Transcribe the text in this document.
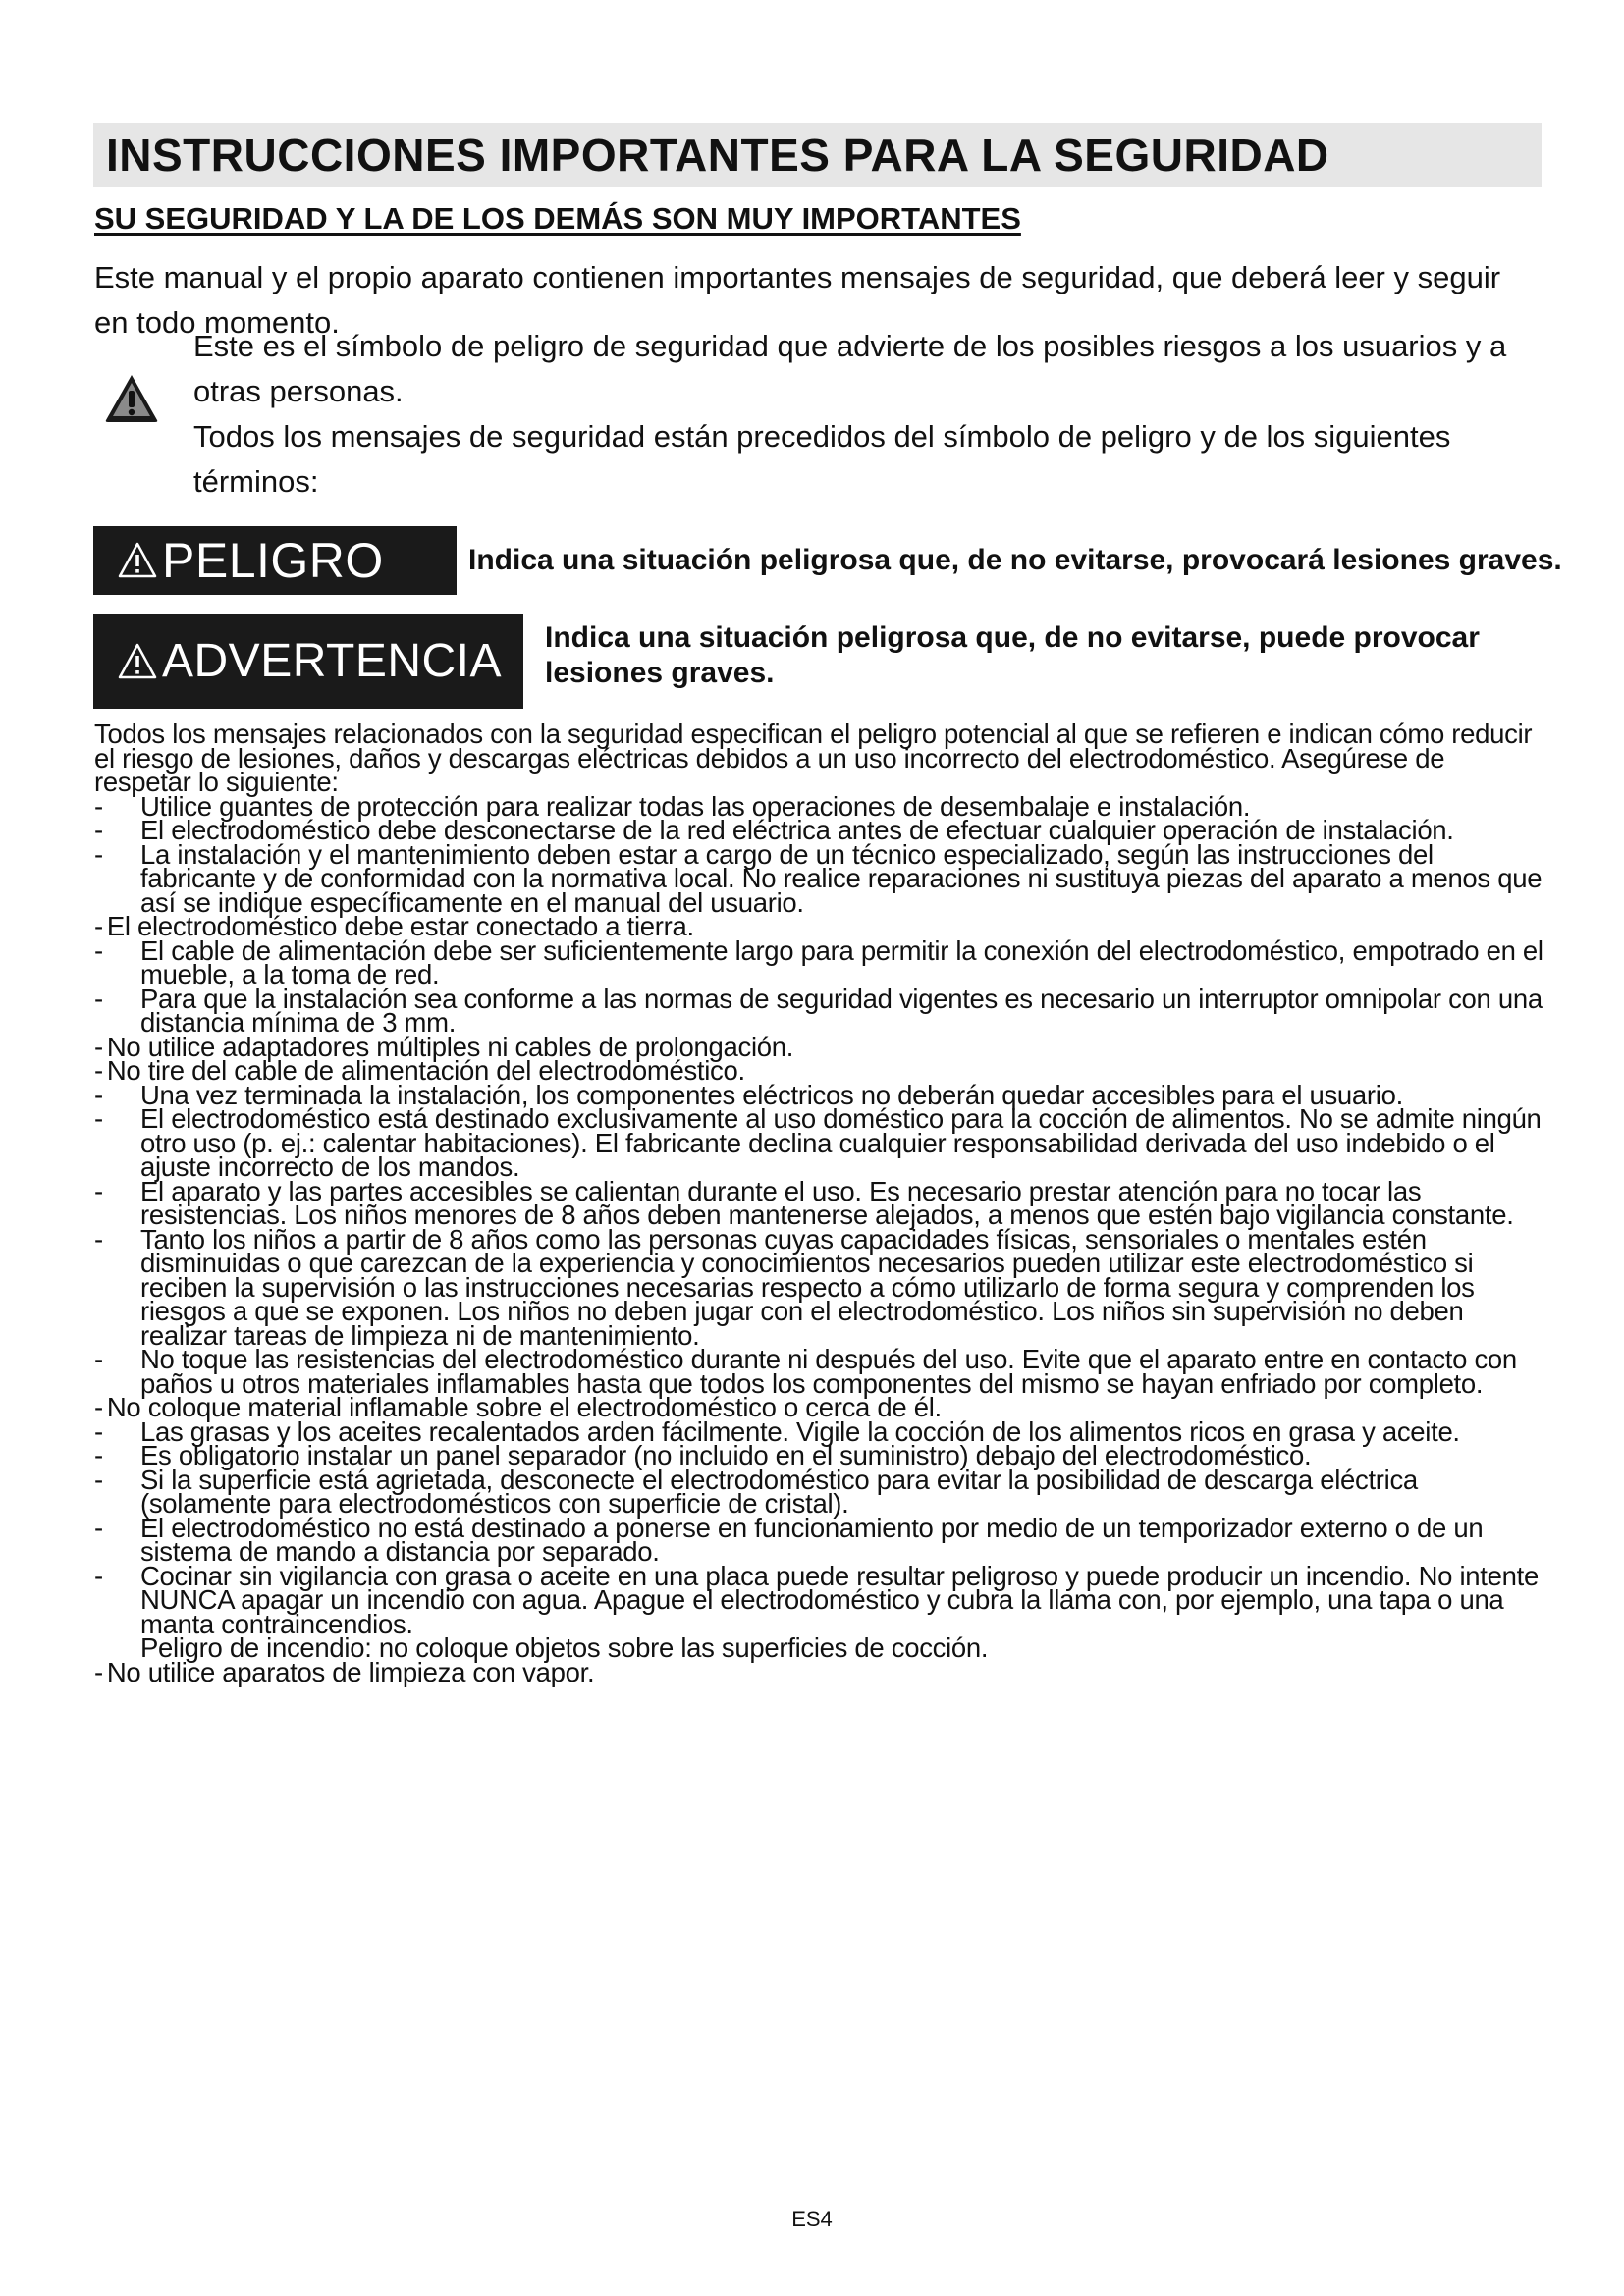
INSTRUCCIONES IMPORTANTES PARA LA SEGURIDAD
SU SEGURIDAD Y LA DE LOS DEMÁS SON MUY IMPORTANTES

Este manual y el propio aparato contienen importantes mensajes de seguridad, que deberá leer y seguir en todo momento.

Este es el símbolo de peligro de seguridad que advierte de los posibles riesgos a los usuarios y a otras personas.

Todos los mensajes de seguridad están precedidos del símbolo de peligro y de los siguientes términos:

PELIGRO	Indica una situación peligrosa que, de no evitarse, provocará lesiones graves.

ADVERTENCIA Indica una situación peligrosa que, de no evitarse, puede provocar lesiones graves.

Todos los mensajes relacionados con la seguridad especifican el peligro potencial al que se refieren e indican cómo reducir el riesgo de lesiones, daños y descargas eléctricas debidos a un uso incorrecto del electrodoméstico. Asegúrese de respetar lo siguiente:

- Utilice guantes de protección para realizar todas las operaciones de desembalaje e instalación.
- El electrodoméstico debe desconectarse de la red eléctrica antes de efectuar cualquier operación de instalación.
- La instalación y el mantenimiento deben estar a cargo de un técnico especializado, según las instrucciones del fabricante y de conformidad con la normativa local. No realice reparaciones ni sustituya piezas del aparato a menos que así se indique específicamente en el manual del usuario.
- El electrodoméstico debe estar conectado a tierra.
- El cable de alimentación debe ser suficientemente largo para permitir la conexión del electrodoméstico, empotrado en el mueble, a la toma de red.
- Para que la instalación sea conforme a las normas de seguridad vigentes es necesario un interruptor omnipolar con una distancia mínima de 3 mm.
- No utilice adaptadores múltiples ni cables de prolongación.
- No tire del cable de alimentación del electrodoméstico.
- Una vez terminada la instalación, los componentes eléctricos no deberán quedar accesibles para el usuario.
- El electrodoméstico está destinado exclusivamente al uso doméstico para la cocción de alimentos. No se admite ningún otro uso (p. ej.: calentar habitaciones). El fabricante declina cualquier responsabilidad derivada del uso indebido o el ajuste incorrecto de los mandos.
- El aparato y las partes accesibles se calientan durante el uso. Es necesario prestar atención para no tocar las resistencias. Los niños menores de 8 años deben mantenerse alejados, a menos que estén bajo vigilancia constante.
- Tanto los niños a partir de 8 años como las personas cuyas capacidades físicas, sensoriales o mentales estén disminuidas o que carezcan de la experiencia y conocimientos necesarios pueden utilizar este electrodoméstico si reciben la supervisión o las instrucciones necesarias respecto a cómo utilizarlo de forma segura y comprenden los riesgos a que se exponen. Los niños no deben jugar con el electrodoméstico. Los niños sin supervisión no deben realizar tareas de limpieza ni de mantenimiento.
- No toque las resistencias del electrodoméstico durante ni después del uso. Evite que el aparato entre en contacto con paños u otros materiales inflamables hasta que todos los componentes del mismo se hayan enfriado por completo.
- No coloque material inflamable sobre el electrodoméstico o cerca de él.
- Las grasas y los aceites recalentados arden fácilmente. Vigile la cocción de los alimentos ricos en grasa y aceite.
- Es obligatorio instalar un panel separador (no incluido en el suministro) debajo del electrodoméstico.
- Si la superficie está agrietada, desconecte el electrodoméstico para evitar la posibilidad de descarga eléctrica (solamente para electrodomésticos con superficie de cristal).
- El electrodoméstico no está destinado a ponerse en funcionamiento por medio de un temporizador externo o de un sistema de mando a distancia por separado.
- Cocinar sin vigilancia con grasa o aceite en una placa puede resultar peligroso y puede producir un incendio. No intente NUNCA apagar un incendio con agua. Apague el electrodoméstico y cubra la llama con, por ejemplo, una tapa o una manta contraincendios.
Peligro de incendio: no coloque objetos sobre las superficies de cocción.
- No utilice aparatos de limpieza con vapor.

ES4
